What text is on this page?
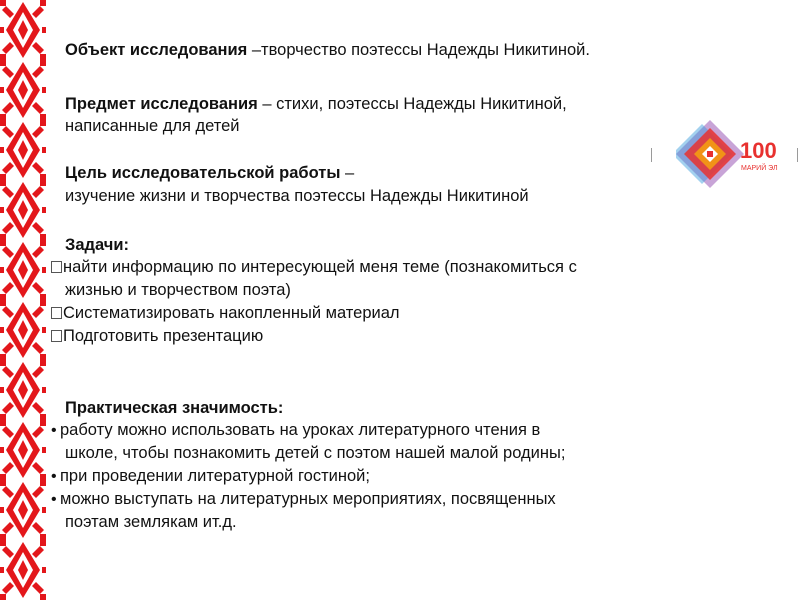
100
МАРИЙ ЭЛ
Объект исследования –творчество поэтессы Надежды Никитиной.
Предмет исследования – стихи, поэтессы Надежды Никитиной,
написанные для детей
Цель исследовательской работы –
изучение жизни и творчества поэтессы Надежды Никитиной
Задачи:
найти информацию по интересующей меня теме (познакомиться с
жизнью и творчеством поэта)
Систематизировать накопленный материал
Подготовить презентацию
Практическая значимость:
• работу можно использовать на уроках литературного чтения в
школе, чтобы познакомить детей с поэтом нашей малой родины;
• при проведении литературной гостиной;
• можно выступать на литературных мероприятиях, посвященных
поэтам землякам ит.д.
